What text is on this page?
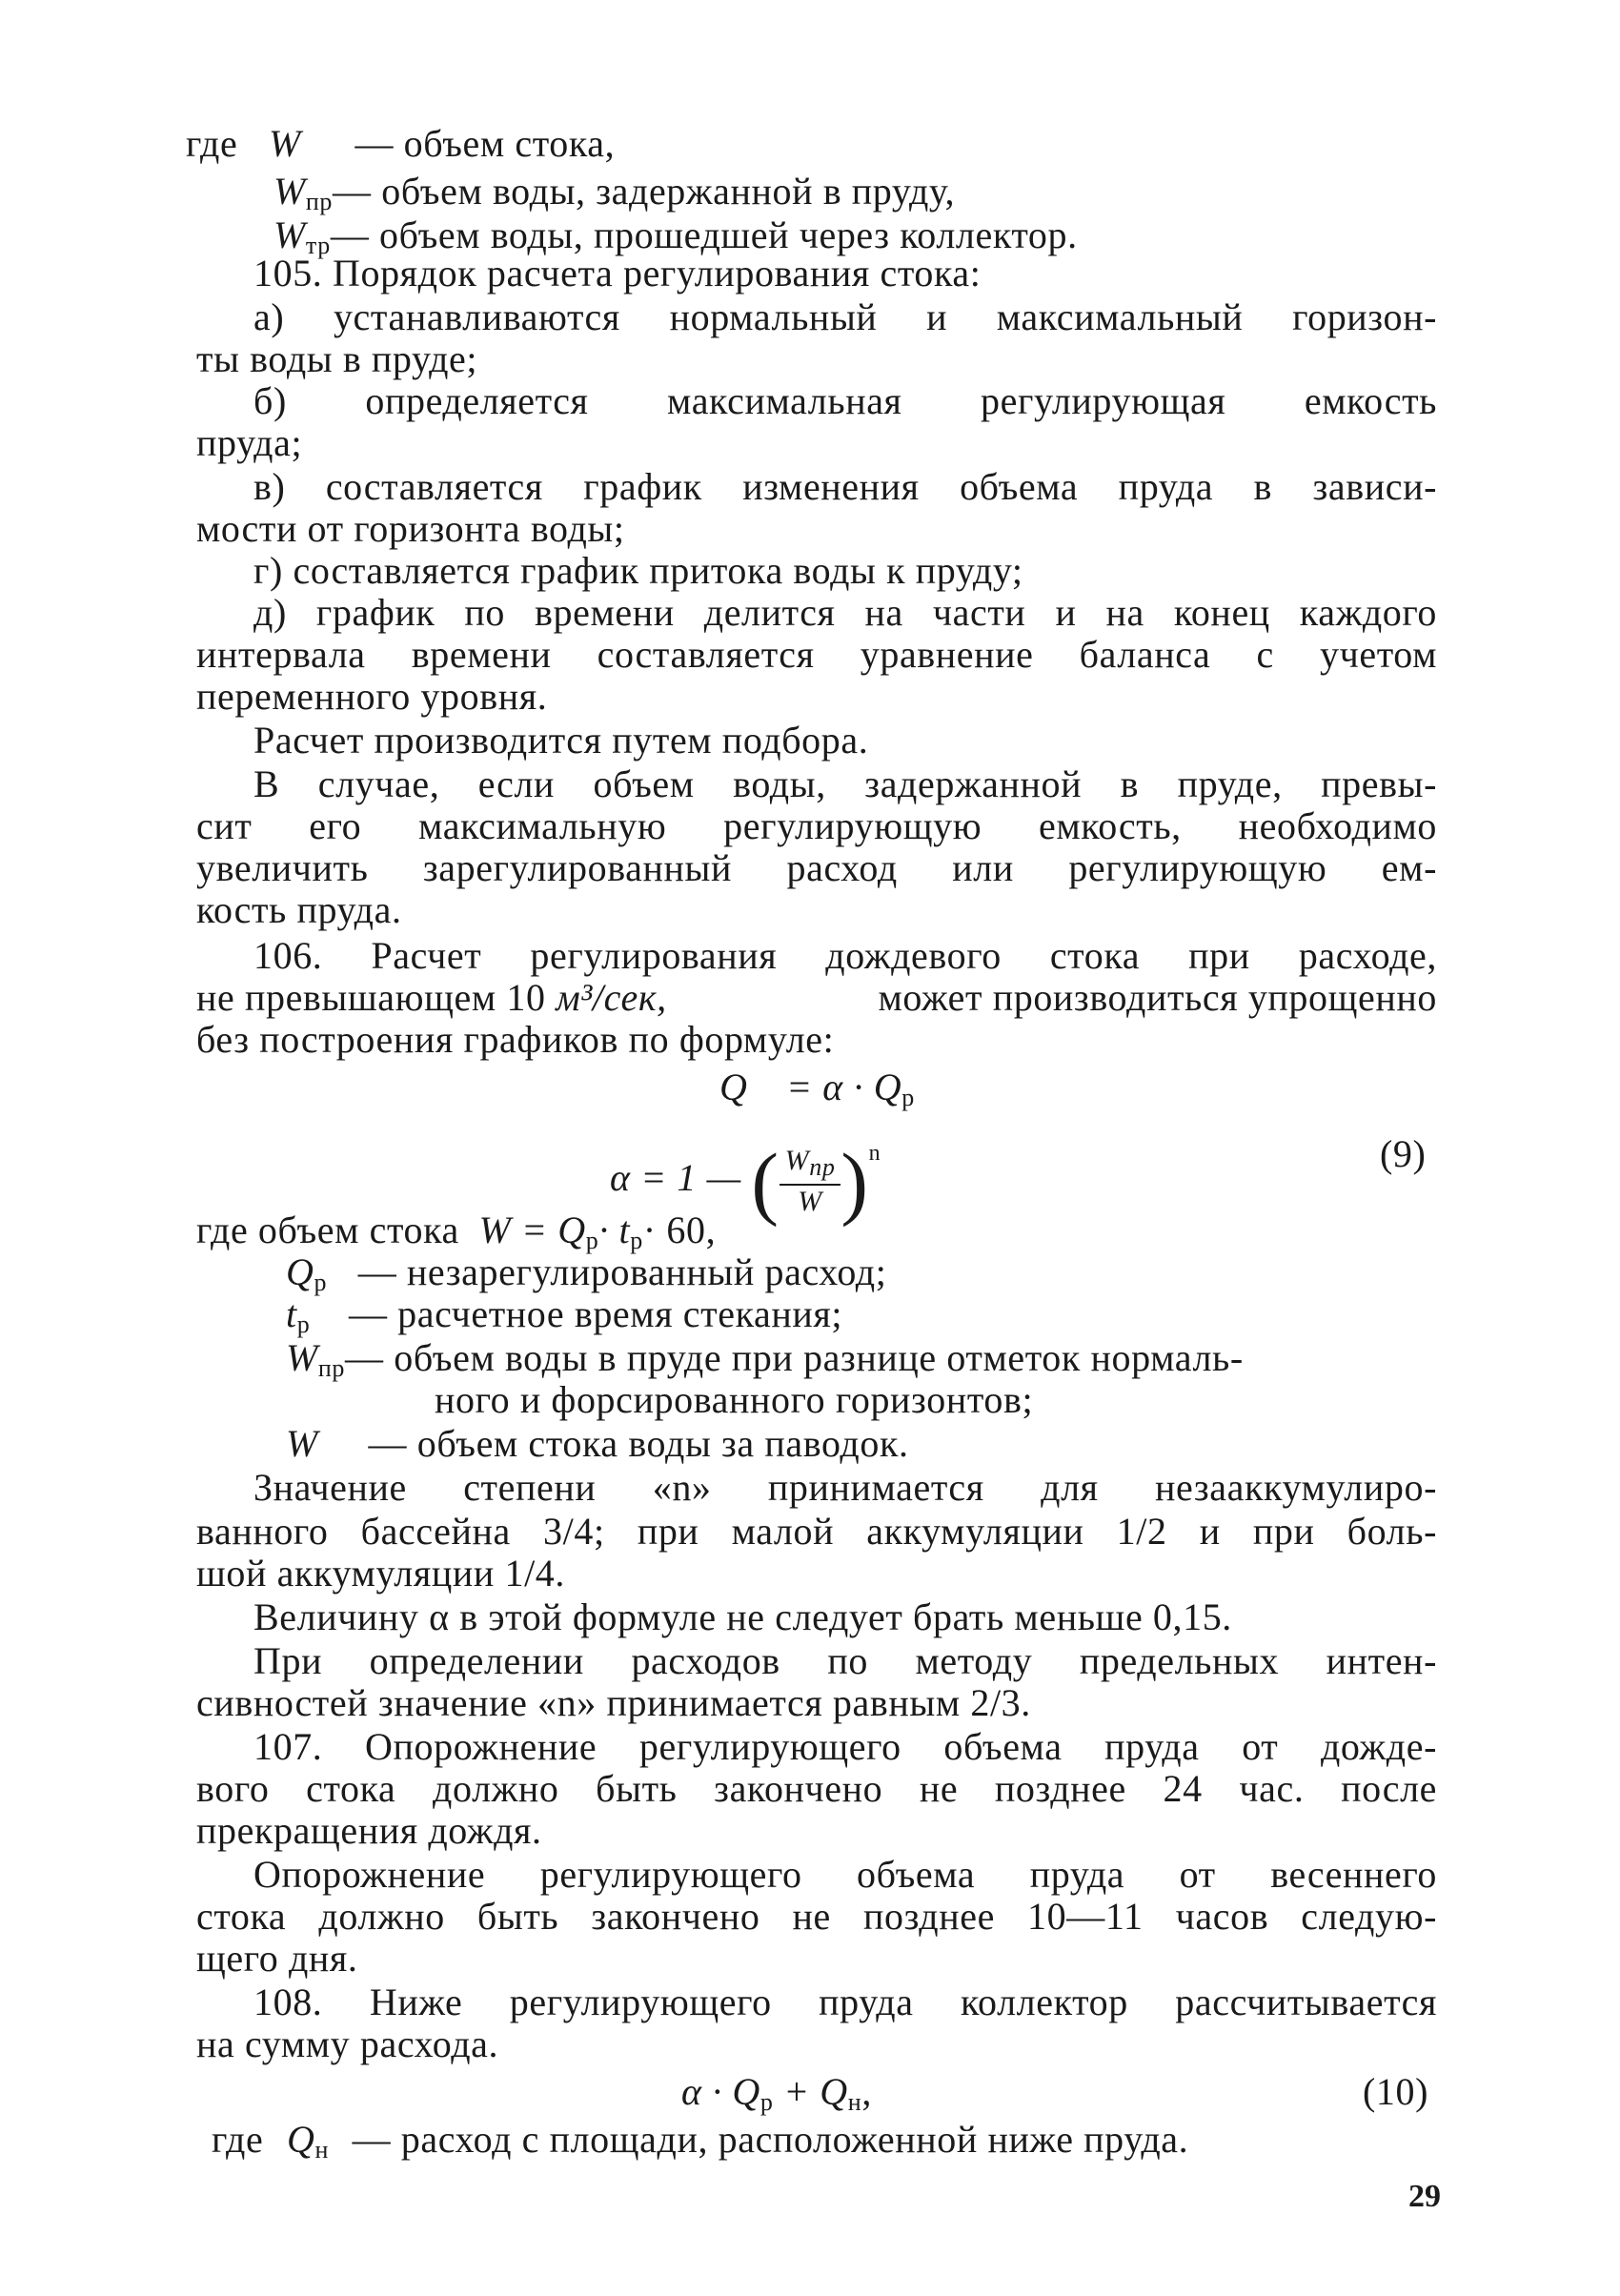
где W — объем стока,
$W_{пр}—$ объем воды, задержанной в пруду,
$W_{тр}—$ объем воды, прошедшей через коллектор.
105. Порядок расчета регулирования стока:
а) устанавливаются нормальный и максимальный горизон-
ты воды в пруде;
б) определяется максимальная регулирующая емкость
пруда;
в) составляется график изменения объема пруда в зависи-
мости от горизонта воды;
г) составляется график притока воды к пруду;
д) график по времени делится на части и на конец каждого
интервала времени составляется уравнение баланса с учетом
переменного уровня.
Расчет производится путем подбора.
В случае, если объем воды, задержанной в пруде, превы-
сит его максимальную регулирующую емкость, необходимо
увеличить зарегулированный расход или регулирующую ем-
кость пруда.
106. Расчет регулирования дождевого стока при расходе,
не превышающем 10 м³/сек,	может производиться упрощенно
без построения графиков по формуле:
$Q = \alpha \cdot Q_р$
α = 1 — ( $\frac{W_{пр}}{W} )^n$	(9)
где объем стока $W = Q_р\cdot t_р\cdot 60$,
$Q_р$ — незарегулированный расход;
$t_р$ — расчетное время стекания;
$W_{пр}—$ объем воды в пруде при разнице отметок нормаль-
ного и форсированного горизонтов;
W — объем стока воды за паводок.
Значение степени «n» принимается для незааккумулиро-
ванного бассейна 3/4; при малой аккумуляции 1/2 и при боль-
шой аккумуляции 1/4.
Величину α в этой формуле не следует брать меньше 0,15.
При определении расходов по методу предельных интен-
сивностей значение «n» принимается равным 2/3.
107. Опорожнение регулирующего объема пруда от дожде-
вого стока должно быть закончено не позднее 24 час. после
прекращения дождя.
Опорожнение регулирующего объема пруда от весеннего
стока должно быть закончено не позднее 10—11 часов следую-
щего дня.
108. Ниже регулирующего пруда коллектор рассчитывается
на сумму расхода.
$\alpha \cdot Q_р + Q_н$,	(10)
где $Q_н$ — расход с площади, расположенной ниже пруда.
29
